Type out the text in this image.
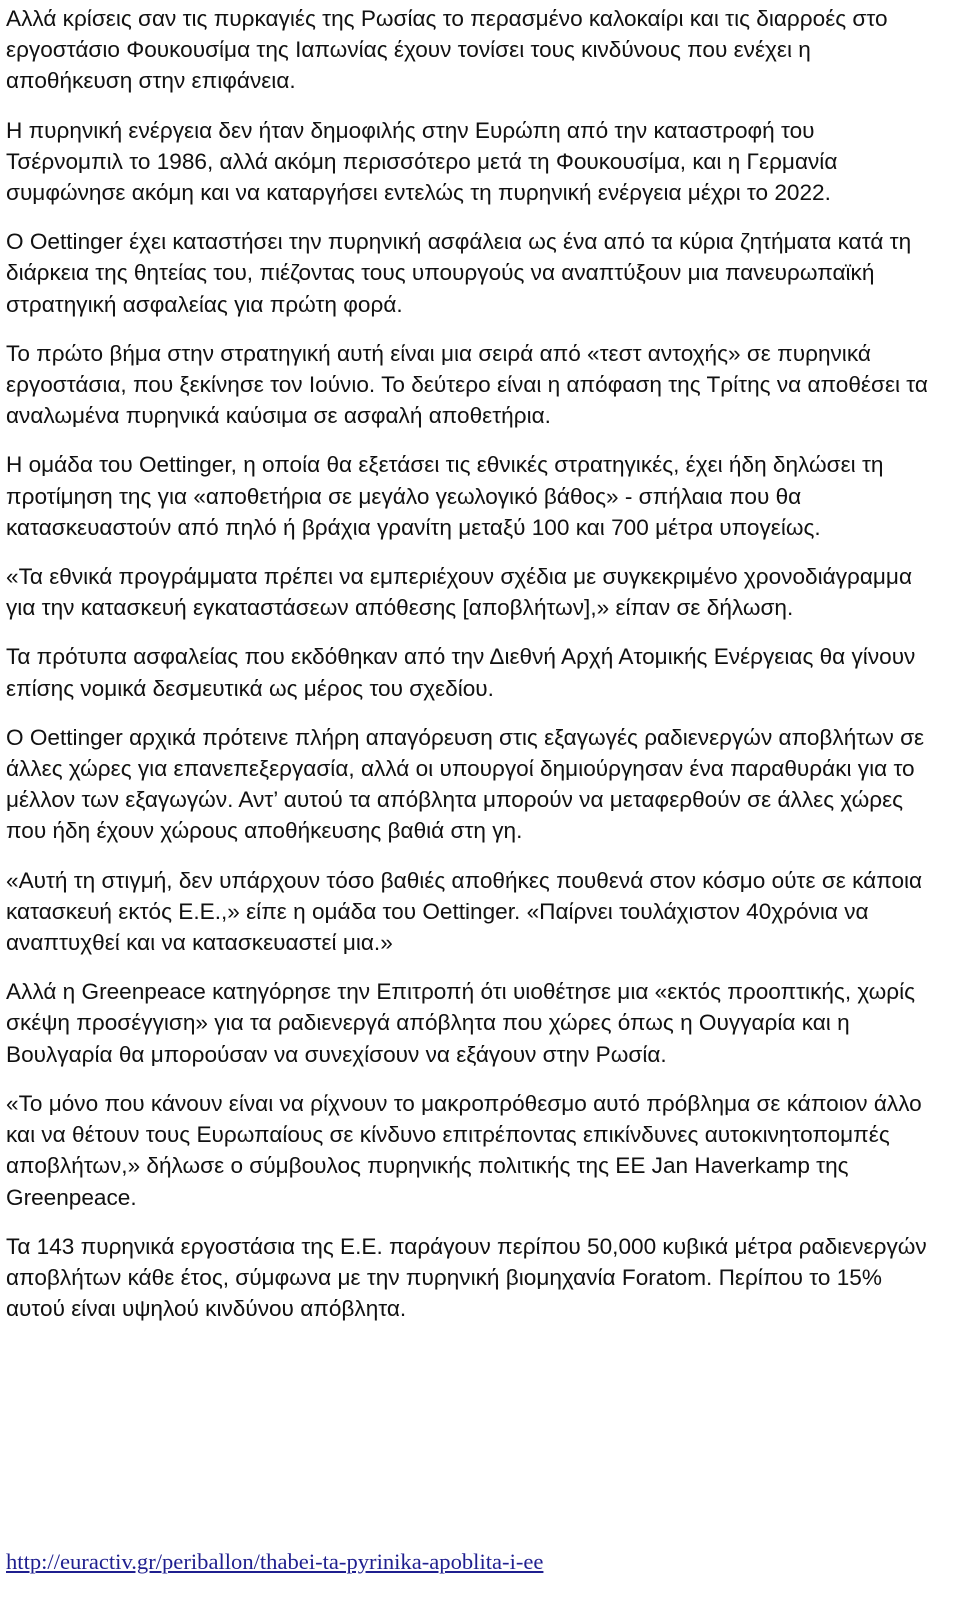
Αλλά κρίσεις σαν τις πυρκαγιές της Ρωσίας το περασμένο καλοκαίρι και τις διαρροές στο εργοστάσιο Φουκουσίμα της Ιαπωνίας έχουν τονίσει τους κινδύνους που ενέχει η αποθήκευση στην επιφάνεια.

Η πυρηνική ενέργεια δεν ήταν δημοφιλής στην Ευρώπη από την καταστροφή του Τσέρνομπιλ το 1986, αλλά ακόμη περισσότερο μετά τη Φουκουσίμα, και η Γερμανία συμφώνησε ακόμη και να καταργήσει εντελώς τη πυρηνική ενέργεια μέχρι το 2022.

Ο Oettinger έχει καταστήσει την πυρηνική ασφάλεια ως ένα από τα κύρια ζητήματα κατά τη διάρκεια της θητείας του, πιέζοντας τους υπουργούς να αναπτύξουν μια πανευρωπαϊκή στρατηγική ασφαλείας για πρώτη φορά.

Το πρώτο βήμα στην στρατηγική αυτή είναι μια σειρά από «τεστ αντοχής» σε πυρηνικά εργοστάσια, που ξεκίνησε τον Ιούνιο. Το δεύτερο είναι η απόφαση της Τρίτης να αποθέσει τα αναλωμένα πυρηνικά καύσιμα σε ασφαλή αποθετήρια.

Η ομάδα του Oettinger, η οποία θα εξετάσει τις εθνικές στρατηγικές, έχει ήδη δηλώσει τη προτίμηση της για «αποθετήρια σε μεγάλο γεωλογικό βάθος» - σπήλαια που θα κατασκευαστούν από πηλό ή βράχια γρανίτη μεταξύ 100 και 700 μέτρα υπογείως.

«Τα εθνικά προγράμματα πρέπει να εμπεριέχουν σχέδια με συγκεκριμένο χρονοδιάγραμμα για την κατασκευή εγκαταστάσεων απόθεσης [αποβλήτων],» είπαν σε δήλωση.

Τα πρότυπα ασφαλείας που εκδόθηκαν από την Διεθνή Αρχή Ατομικής Ενέργειας θα γίνουν επίσης νομικά δεσμευτικά ως μέρος του σχεδίου.

Ο Oettinger αρχικά πρότεινε πλήρη απαγόρευση στις εξαγωγές ραδιενεργών αποβλήτων σε άλλες χώρες για επανεπεξεργασία, αλλά οι υπουργοί δημιούργησαν ένα παραθυράκι για το μέλλον των εξαγωγών. Αντ’ αυτού τα απόβλητα μπορούν να μεταφερθούν σε άλλες χώρες που ήδη έχουν χώρους αποθήκευσης βαθιά στη γη.

«Αυτή τη στιγμή, δεν υπάρχουν τόσο βαθιές αποθήκες πουθενά στον κόσμο ούτε σε κάποια κατασκευή εκτός Ε.Ε.,» είπε η ομάδα του Oettinger. «Παίρνει τουλάχιστον 40χρόνια να αναπτυχθεί και να κατασκευαστεί μια.»

Αλλά η Greenpeace κατηγόρησε την Επιτροπή ότι υιοθέτησε μια «εκτός προοπτικής, χωρίς σκέψη προσέγγιση» για τα ραδιενεργά απόβλητα που χώρες όπως η Ουγγαρία και η Βουλγαρία θα μπορούσαν να συνεχίσουν να εξάγουν στην Ρωσία.

«Το μόνο που κάνουν είναι να ρίχνουν το μακροπρόθεσμο αυτό πρόβλημα σε κάποιον άλλο και να θέτουν τους Ευρωπαίους σε κίνδυνο επιτρέποντας επικίνδυνες αυτοκινητοπομπές αποβλήτων,» δήλωσε ο σύμβουλος πυρηνικής πολιτικής της ΕΕ Jan Haverkamp της Greenpeace.

Τα 143 πυρηνικά εργοστάσια της Ε.Ε. παράγουν περίπου 50,000 κυβικά μέτρα ραδιενεργών αποβλήτων κάθε έτος, σύμφωνα με την πυρηνική βιομηχανία Foratom. Περίπου το 15% αυτού είναι υψηλού κινδύνου απόβλητα.

http://euractiv.gr/periballon/thabei-ta-pyrinika-apoblita-i-ee
